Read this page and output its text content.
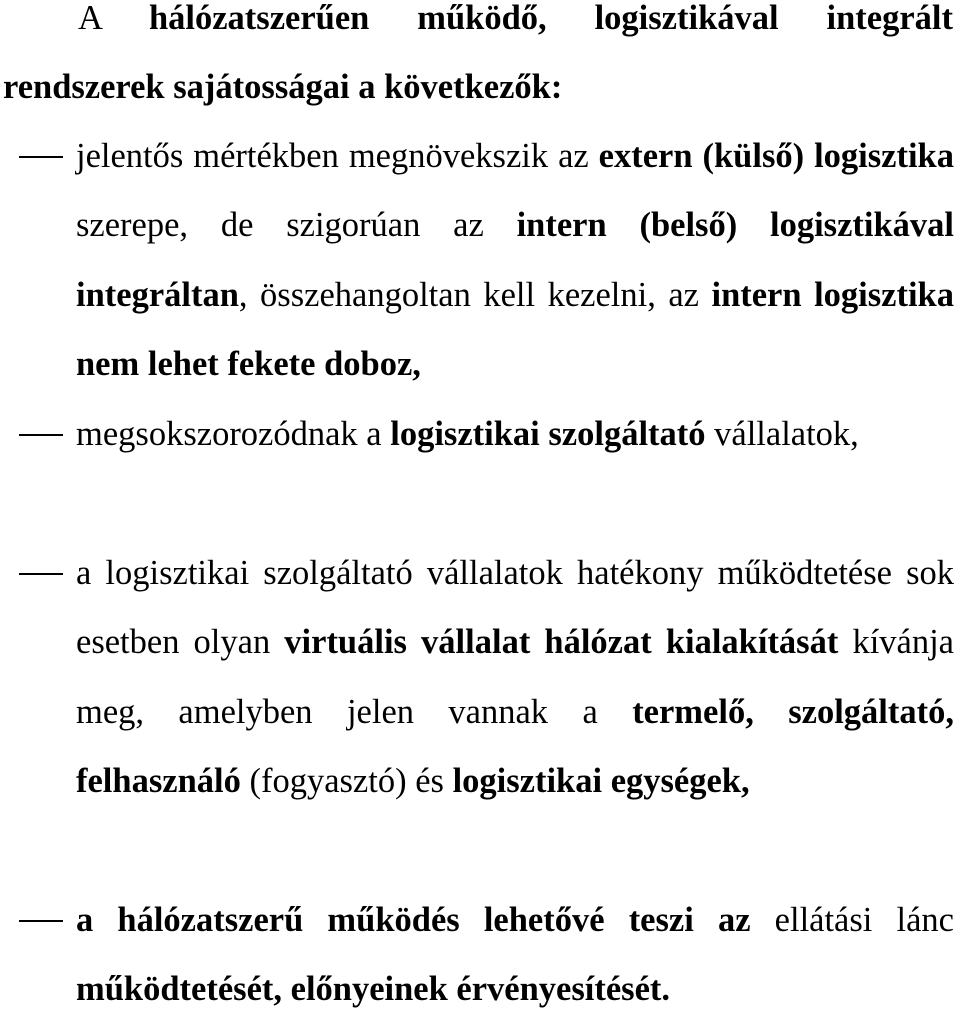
A hálózatszerűen működő, logisztikával integrált rendszerek sajátosságai a következők:

jelentős mértékben megnövekszik az extern (külső) logisztika szerepe, de szigorúan az intern (belső) logisztikával integráltan, összehangoltan kell kezelni, az intern logisztika nem lehet fekete doboz,

megsokszorozódnak a logisztikai szolgáltató vállalatok,

a logisztikai szolgáltató vállalatok hatékony működtetése sok esetben olyan virtuális vállalat hálózat kialakítását kívánja meg, amelyben jelen vannak a termelő, szolgáltató, felhasználó (fogyasztó) és logisztikai egységek,

a hálózatszerű működés lehetővé teszi az ellátási lánc működtetését, előnyeinek érvényesítését.
